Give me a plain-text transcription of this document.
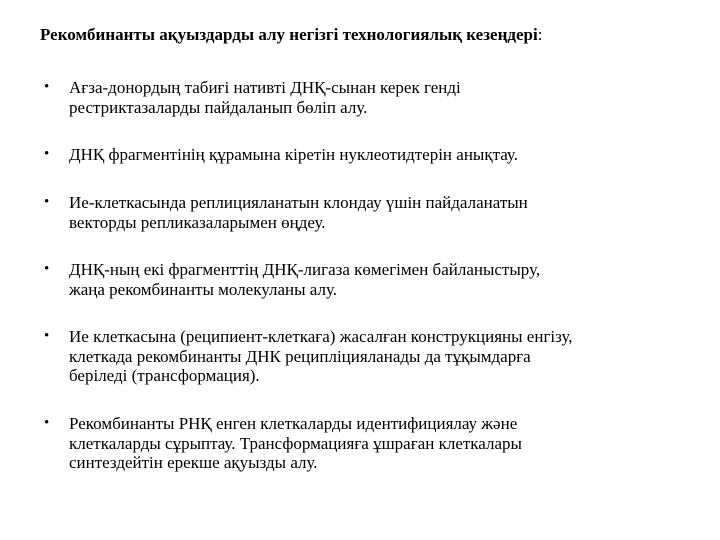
Рекомбинанты ақуыздарды алу негізгі технологиялық кезеңдері:
• Ағза-донордың табиғі нативті ДНҚ-сынан керек генді
рестриктазаларды пайдаланып бөліп алу.
• ДНҚ фрагментінің құрамына кіретін нуклеотидтерін анықтау.
• Ие-клеткасында реплицияланатын клондау үшін пайдаланатын
векторды репликазаларымен өңдеу.
• ДНҚ-ның екі фрагменттің ДНҚ-лигаза көмегімен байланыстыру,
жаңа рекомбинанты молекуланы алу.
• Ие клеткасына (реципиент-клеткаға) жасалған конструкцияны енгізу,
клеткада рекомбинанты ДНК реципліцияланады да тұқымдарға
беріледі (трансформация).
• Рекомбинанты РНҚ енген клеткаларды идентифициялау және
клеткаларды сұрыптау. Трансформацияға ұшраған клеткалары
синтездейтін ерекше ақуызды алу.
